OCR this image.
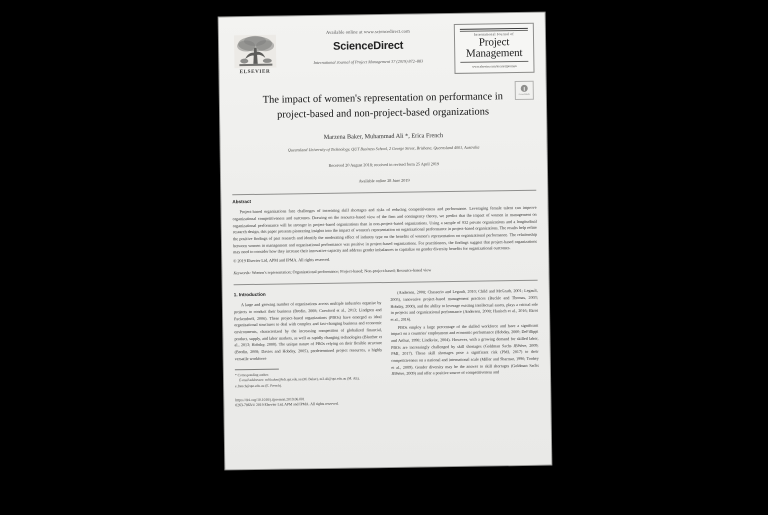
ELSEVIER
Available online at www.sciencedirect.com
ScienceDirect
International Journal of Project Management 37 (2019) 872–883
International Journal of
Project
Management
www.elsevier.com/locate/ijproman
CrossMark
The impact of women's representation on performance in project-based and non-project-based organizations
Marzena Baker, Muhammad Ali *, Erica French
Queensland University of Technology, QUT Business School, 2 George Street, Brisbane, Queensland 4001, Australia
Received 20 August 2018; received in revised form 25 April 2019
Available online 28 June 2019
Abstract
Project-based organizations face challenges of increasing skill shortages and risks of reducing competitiveness and performance. Leveraging female talent can improve organizational competitiveness and outcomes. Drawing on the resource-based view of the firm and contingency theory, we predict that the impact of women in management on organizational performance will be stronger in project-based organizations than in non-project-based organizations. Using a sample of 932 private organizations and a longitudinal research design, this paper presents pioneering insights into the impact of women's representation on organizational performance in project-based organizations. The results help refine the positive findings of past research and identify the moderating effect of industry type on the benefits of women's representation on organizational performance. The relationship between women in management and organizational performance was positive in project-based organizations. For practitioners, the findings suggest that project-based organizations may need to consider how they increase their innovative capacity and address gender imbalances to capitalize on gender diversity benefits for organizational outcomes.
© 2019 Elsevier Ltd, APM and IPMA. All rights reserved.
Keywords: Women's representation; Organizational performance; Project-based; Non-project-based; Resource-based view
1. Introduction

A large and growing number of organizations across multiple industries organise by projects to conduct their business (Bredin, 2008; Crawford et al., 2013; Lindgren and Packendorff, 2006). These project-based organizations (PBOs) have emerged as ideal organizational structures to deal with complex and fast-changing business and economic environments, characterized by the increasing competition of globalized financial, product, supply, and labor markets, as well as rapidly changing technologies (Blatcher et al., 2013; Hobday, 2000). The unique nature of PBOs relying on their flexible structure (Bredin, 2008; Davies and Hobday, 2005), predetermined project resources, a highly versatile workforce

* Corresponding author.
E-mail addresses: m9.baker@hdr.qut.edu.au (M. Baker), m3.ali@qut.edu.au (M. Ali), e.french@qut.edu.au (E. French).
https://doi.org/10.1016/j.ijproman.2019.06.001
0263-7863/© 2019 Elsevier Ltd, APM and IPMA. All rights reserved.

(Andersen, 2008; Chasserio and Legault, 2010; Child and McGrath, 2001; Legault, 2005), innovative project-based management practices (Buckle and Thomas, 2003; Hobday, 2000), and the ability to leverage existing intellectual assets, plays a critical role in projects and organizational performance (Andersen, 2008; Hanisch et al., 2016; Ekrot et al., 2016).

PBOs employ a large percentage of the skilled workforce and have a significant impact on a countries' employment and economic performance (Hobday, 2000; DeFillippi and Arthur, 1998; Lindkvist, 2004). However, with a growing demand for skilled labor, PBOs are increasingly challenged by skill shortages (Goldman Sachs JBWere, 2009; PMI, 2017). These skill shortages pose a significant risk (PMI, 2017) to their competitiveness on a national and international scale (Miller and Sharmar, 1996; Toohey et al., 2009). Gender diversity may be the answer to skill shortages (Goldman Sachs JBWere, 2009) and offer a positive source of competitiveness and
